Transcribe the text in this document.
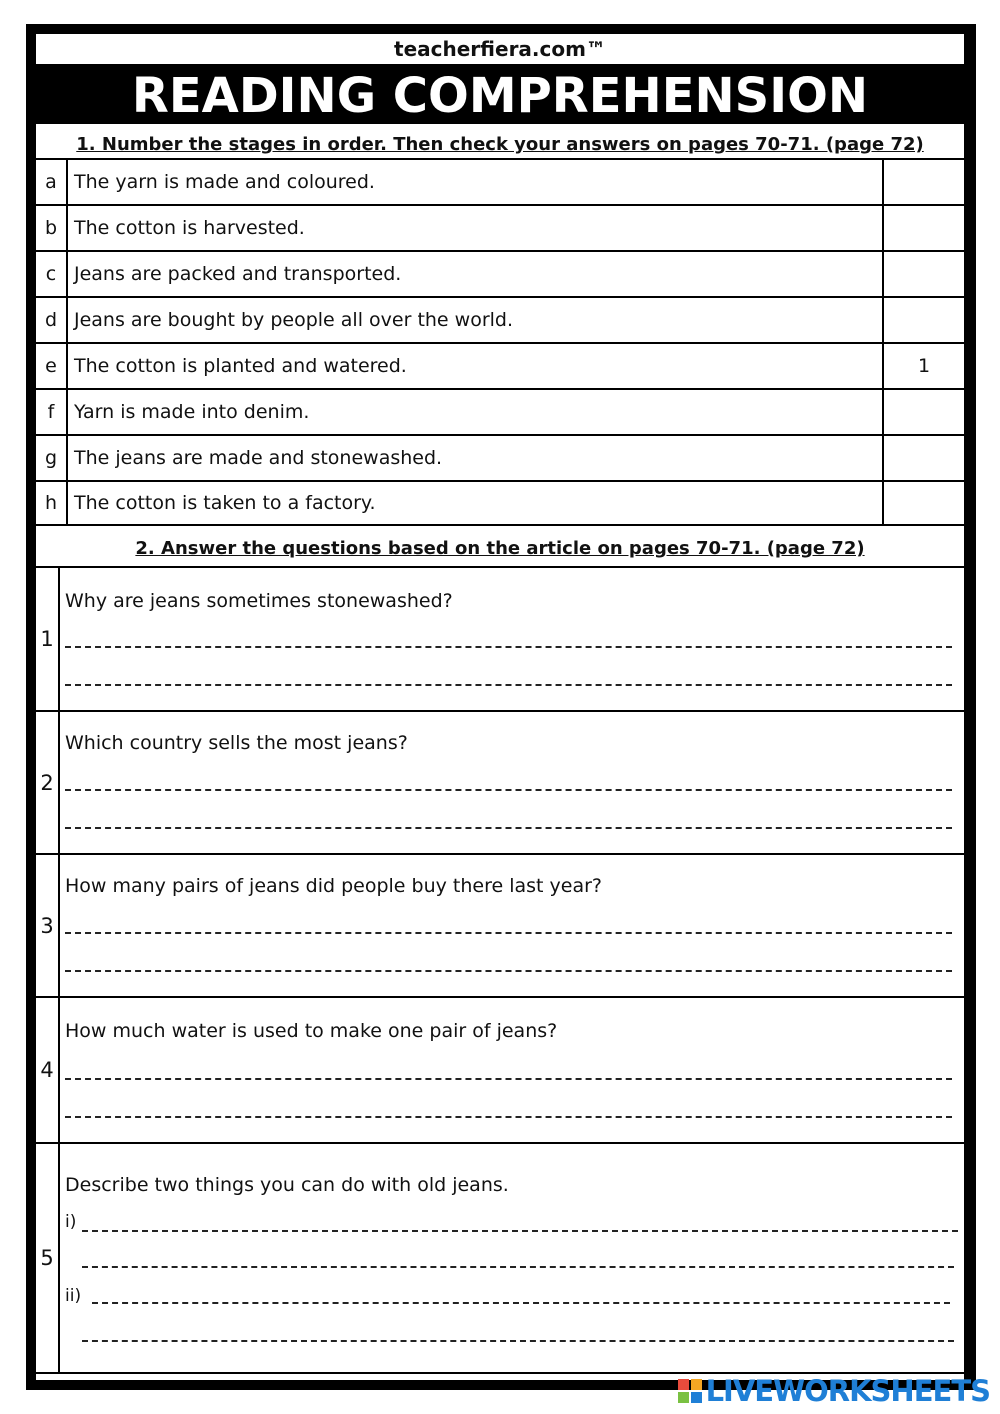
teacherfiera.com™
READING COMPREHENSION
1. Number the stages in order. Then check your answers on pages 70-71. (page 72)
a The yarn is made and coloured.
b The cotton is harvested.
c Jeans are packed and transported.
d Jeans are bought by people all over the world.
e The cotton is planted and watered.	1
f	Yarn is made into denim.
g The jeans are made and stonewashed.
h The cotton is taken to a factory.
2. Answer the questions based on the article on pages 70-71. (page 72)
1
Why are jeans sometimes stonewashed?
2
Which country sells the most jeans?
3
How many pairs of jeans did people buy there last year?
4
How much water is used to make one pair of jeans?
5
Describe two things you can do with old jeans.
i)
ii)
LIVEWORKSHEETS
